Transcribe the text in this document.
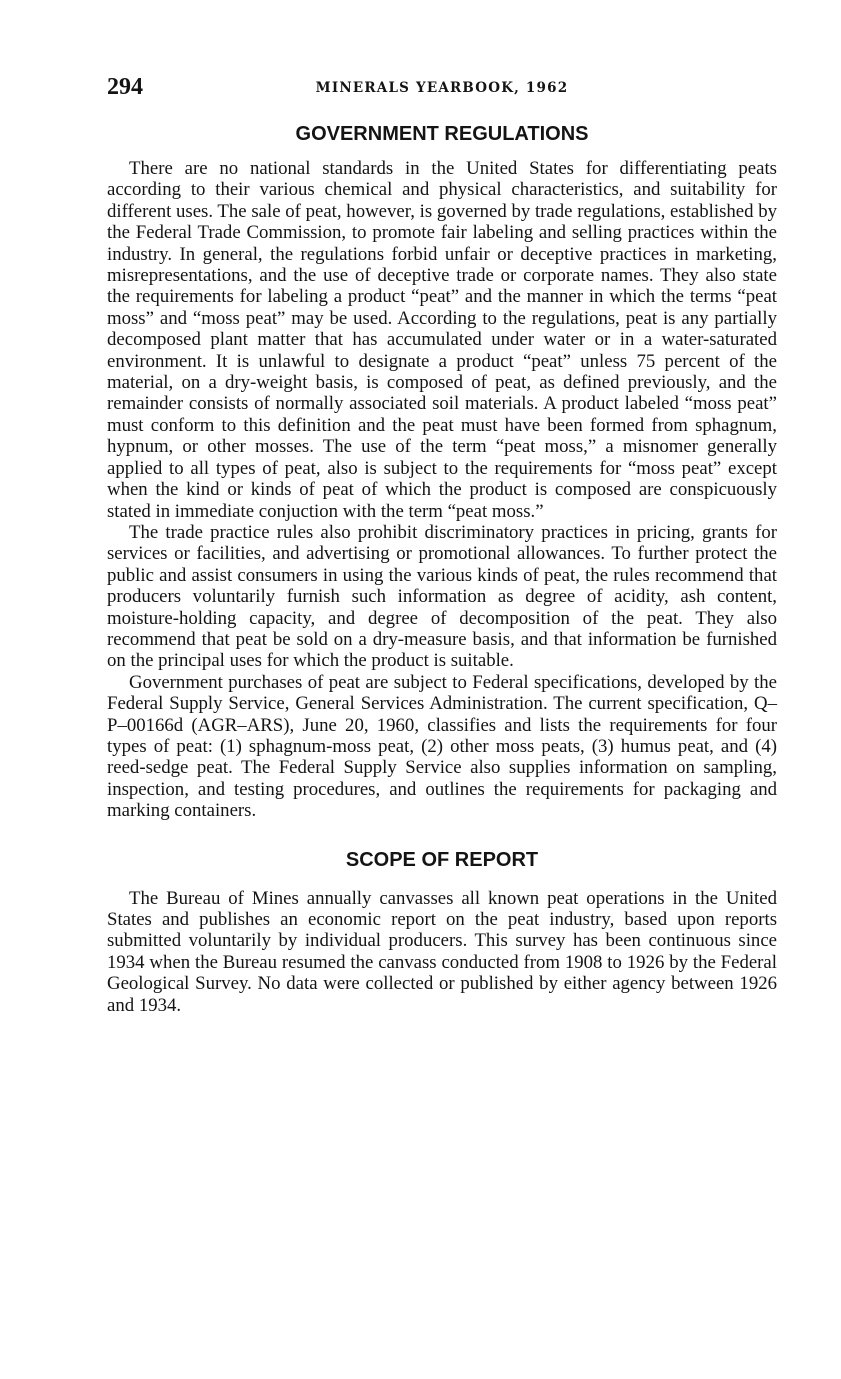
294	MINERALS YEARBOOK, 1962
GOVERNMENT REGULATIONS

There are no national standards in the United States for differentiating peats according to their various chemical and physical characteristics, and suitability for different uses. The sale of peat, however, is governed by trade regulations, established by the Federal Trade Commission, to promote fair labeling and selling practices within the industry. In general, the regulations forbid unfair or deceptive practices in marketing, misrepresentations, and the use of deceptive trade or corporate names. They also state the requirements for labeling a product “peat” and the manner in which the terms “peat moss” and “moss peat” may be used. According to the regulations, peat is any partially decomposed plant matter that has accumulated under water or in a water-saturated environment. It is unlawful to designate a product “peat” unless 75 percent of the material, on a dry-weight basis, is composed of peat, as defined previously, and the remainder consists of normally associated soil materials. A product labeled “moss peat” must conform to this definition and the peat must have been formed from sphagnum, hypnum, or other mosses. The use of the term “peat moss,” a misnomer generally applied to all types of peat, also is subject to the requirements for “moss peat” except when the kind or kinds of peat of which the product is composed are conspicuously stated in immediate conjuction with the term “peat moss.”

The trade practice rules also prohibit discriminatory practices in pricing, grants for services or facilities, and advertising or promotional allowances. To further protect the public and assist consumers in using the various kinds of peat, the rules recommend that producers voluntarily furnish such information as degree of acidity, ash content, moisture-holding capacity, and degree of decomposition of the peat. They also recommend that peat be sold on a dry-measure basis, and that information be furnished on the principal uses for which the product is suitable.

Government purchases of peat are subject to Federal specifications, developed by the Federal Supply Service, General Services Administration. The current specification, Q–P–00166d (AGR–ARS), June 20, 1960, classifies and lists the requirements for four types of peat: (1) sphagnum-moss peat, (2) other moss peats, (3) humus peat, and (4) reed-sedge peat. The Federal Supply Service also supplies information on sampling, inspection, and testing procedures, and outlines the requirements for packaging and marking containers.

SCOPE OF REPORT

The Bureau of Mines annually canvasses all known peat operations in the United States and publishes an economic report on the peat industry, based upon reports submitted voluntarily by individual producers. This survey has been continuous since 1934 when the Bureau resumed the canvass conducted from 1908 to 1926 by the Federal Geological Survey. No data were collected or published by either agency between 1926 and 1934.
